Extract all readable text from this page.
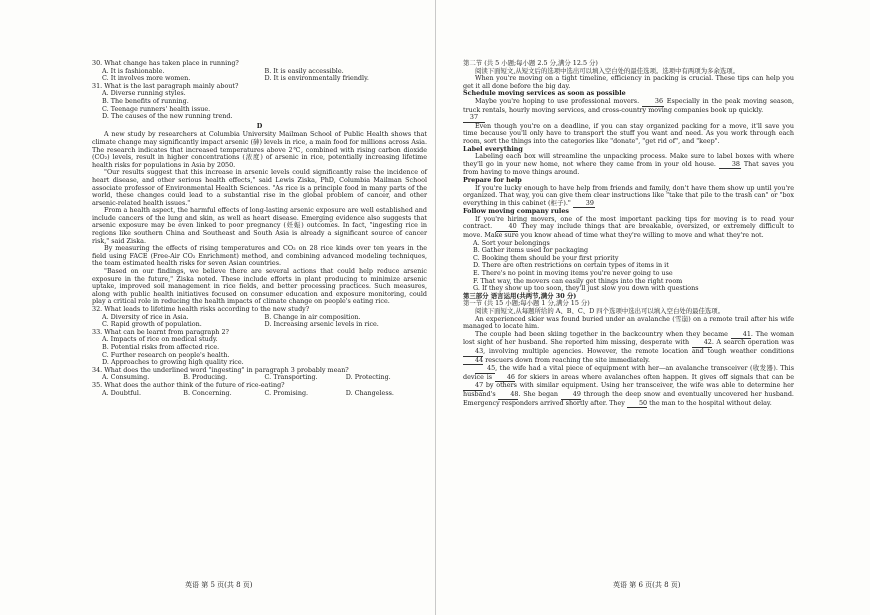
30. What change has taken place in running?

A. It is fashionable.	B. It is easily accessible.
C. It involves more women.	D. It is environmentally friendly.

31. What is the last paragraph mainly about?

A. Diverse running styles.

B. The benefits of running.

C. Teenage runners' health issue.

D. The causes of the new running trend.

D

A new study by researchers at Columbia University Mailman School of Public Health shows that climate change may significantly impact arsenic (砷) levels in rice, a main food for millions across Asia. The research indicates that increased temperatures above 2℃, combined with rising carbon dioxide (CO₂) levels, result in higher concentrations (浓度) of arsenic in rice, potentially increasing lifetime health risks for populations in Asia by 2050.

"Our results suggest that this increase in arsenic levels could significantly raise the incidence of heart disease, and other serious health effects," said Lewis Ziska, PhD, Columbia Mailman School associate professor of Environmental Health Sciences. "As rice is a principle food in many parts of the world, these changes could lead to a substantial rise in the global problem of cancer, and other arsenic-related health issues."

From a health aspect, the harmful effects of long-lasting arsenic exposure are well established and include cancers of the lung and skin, as well as heart disease. Emerging evidence also suggests that arsenic exposure may be even linked to poor pregnancy (妊娠) outcomes. In fact, "ingesting rice in regions like southern China and Southeast and South Asia is already a significant source of cancer risk," said Ziska.

By measuring the effects of rising temperatures and CO₂ on 28 rice kinds over ten years in the field using FACE (Free-Air CO₂ Enrichment) method, and combining advanced modeling techniques, the team estimated health risks for seven Asian countries.

"Based on our findings, we believe there are several actions that could help reduce arsenic exposure in the future," Ziska noted. These include efforts in plant producing to minimize arsenic uptake, improved soil management in rice fields, and better processing practices. Such measures, along with public health initiatives focused on consumer education and exposure monitoring, could play a critical role in reducing the health impacts of climate change on people's eating rice.

32. What leads to lifetime health risks according to the new study?

A. Diversity of rice in Asia.	B. Change in air composition.
C. Rapid growth of population.	D. Increasing arsenic levels in rice.

33. What can be learnt from paragraph 2?

A. Impacts of rice on medical study.

B. Potential risks from affected rice.

C. Further research on people's health.

D. Approaches to growing high quality rice.

34. What does the underlined word "ingesting" in paragraph 3 probably mean?

A. Consuming.	B. Producing.	C. Transporting.	D. Protecting.

35. What does the author think of the future of rice-eating?

A. Doubtful.	B. Concerning.	C. Promising.	D. Changeless.
英语 第 5 页(共 8 页)

第二节 (共 5 小题;每小题 2.5 分,满分 12.5 分)

阅读下面短文,从短文后的选项中选出可以填入空白处的最佳选项。选项中有两项为多余选项。

When you're moving on a tight timeline, efficiency in packing is crucial. These tips can help you get it all done before the big day.

Schedule moving services as soon as possible

Maybe you're hoping to use professional movers. 36 Especially in the peak moving season, truck rentals, hourly moving services, and cross-country moving companies book up quickly.

37

Even though you're on a deadline, if you can stay organized packing for a move, it'll save you time because you'll only have to transport the stuff you want and need. As you work through each room, sort the things into the categories like "donate", "get rid of", and "keep".

Label everything

Labeling each box will streamline the unpacking process. Make sure to label boxes with where they'll go in your new home, not where they came from in your old house. 38 That saves you from having to move things around.

Prepare for help

If you're lucky enough to have help from friends and family, don't have them show up until you're organized. That way, you can give them clear instructions like "take that pile to the trash can" or "box everything in this cabinet (柜子)." 39

Follow moving company rules

If you're hiring movers, one of the most important packing tips for moving is to read your contract.	40 They may include things that are breakable, oversized, or extremely difficult to move. Make sure you know ahead of time what they're willing to move and what they're not.

A. Sort your belongings

B. Gather items used for packaging

C. Booking them should be your first priority

D. There are often restrictions on certain types of items in it

E. There's no point in moving items you're never going to use

F. That way, the movers can easily get things into the right room

G. If they show up too soon, they'll just slow you down with questions

第三部分 语言运用(共两节,满分 30 分)

第一节 (共 15 小题;每小题 1 分,满分 15 分)

阅读下面短文,从每题所给的 A、B、C、D 四个选项中选出可以填入空白处的最佳选项。

An experienced skier was found buried under an avalanche (雪崩) on a remote trail after his wife managed to locate him.

The couple had been skiing together in the backcountry when they became 41. The woman lost sight of her husband. She reported him missing, desperate with 42. A search operation was 43, involving multiple agencies. However, the remote location and tough weather conditions 44 rescuers down from reaching the site immediately.

45, the wife had a vital piece of equipment with her—an avalanche transceiver (收发器). This device is 46 for skiers in areas where avalanches often happen. It gives off signals that can be 47 by others with similar equipment. Using her transceiver, the wife was able to determine her husband's 48. She began 49 through the deep snow and eventually uncovered her husband. Emergency responders arrived shortly after. They 50 the man to the hospital without delay.

英语 第 6 页(共 8 页)
